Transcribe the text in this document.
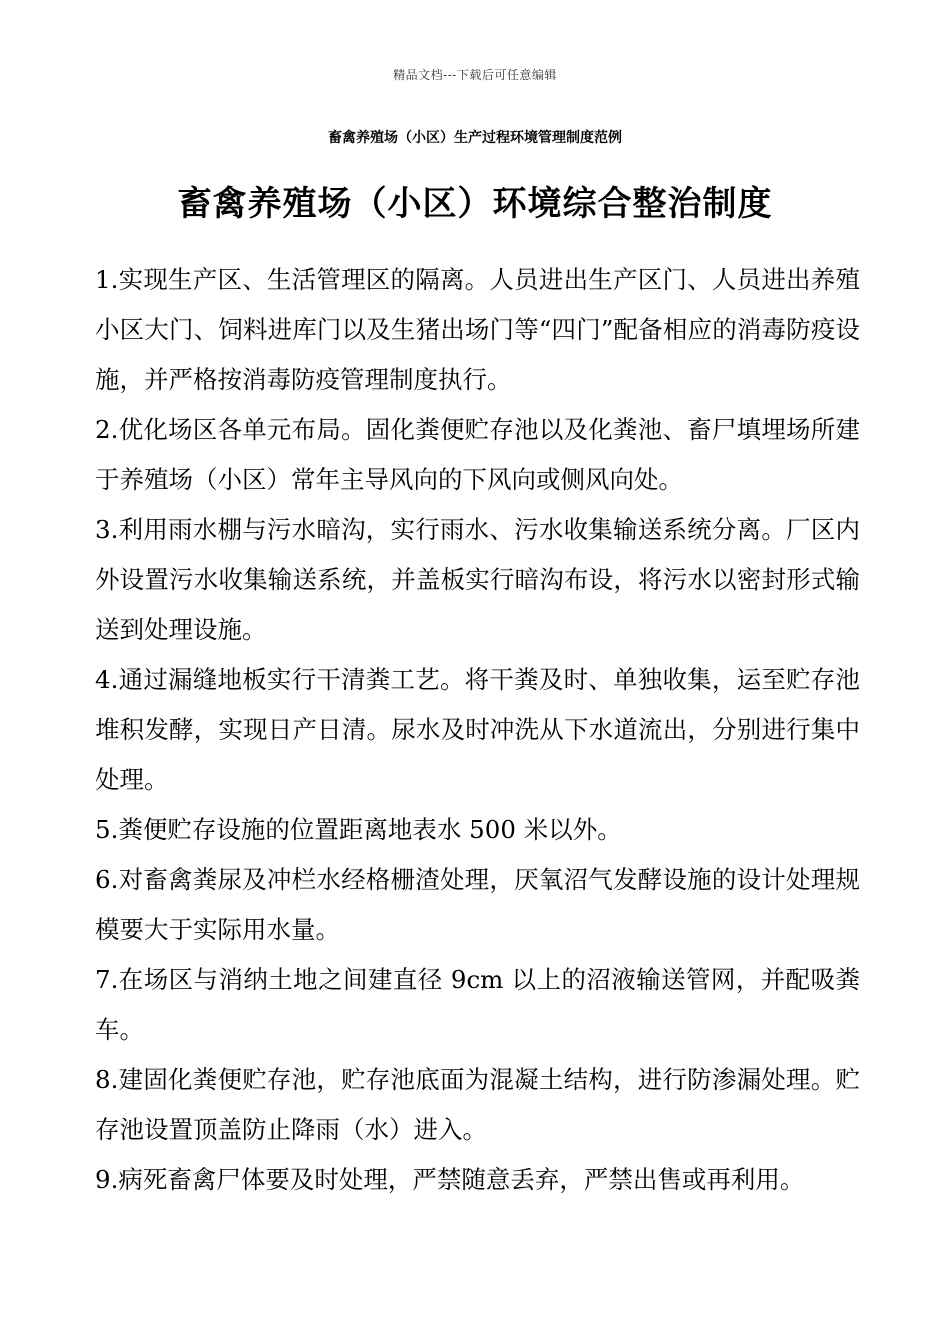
精品文档---下载后可任意编辑
畜禽养殖场（小区）生产过程环境管理制度范例
畜禽养殖场（小区）环境综合整治制度

1.实现生产区、生活管理区的隔离。人员进出生产区门、人员进出养殖小区大门、饲料进库门以及生猪出场门等“四门”配备相应的消毒防疫设施，并严格按消毒防疫管理制度执行。

2.优化场区各单元布局。固化粪便贮存池以及化粪池、畜尸填埋场所建于养殖场（小区）常年主导风向的下风向或侧风向处。

3.利用雨水棚与污水暗沟，实行雨水、污水收集输送系统分离。厂区内外设置污水收集输送系统，并盖板实行暗沟布设，将污水以密封形式输送到处理设施。

4.通过漏缝地板实行干清粪工艺。将干粪及时、单独收集，运至贮存池堆积发酵，实现日产日清。尿水及时冲洗从下水道流出，分别进行集中处理。

5.粪便贮存设施的位置距离地表水 500 米以外。

6.对畜禽粪尿及冲栏水经格栅渣处理，厌氧沼气发酵设施的设计处理规模要大于实际用水量。

7.在场区与消纳土地之间建直径 9cm 以上的沼液输送管网，并配吸粪车。

8.建固化粪便贮存池，贮存池底面为混凝土结构，进行防渗漏处理。贮存池设置顶盖防止降雨（水）进入。

9.病死畜禽尸体要及时处理，严禁随意丢弃，严禁出售或再利用。
